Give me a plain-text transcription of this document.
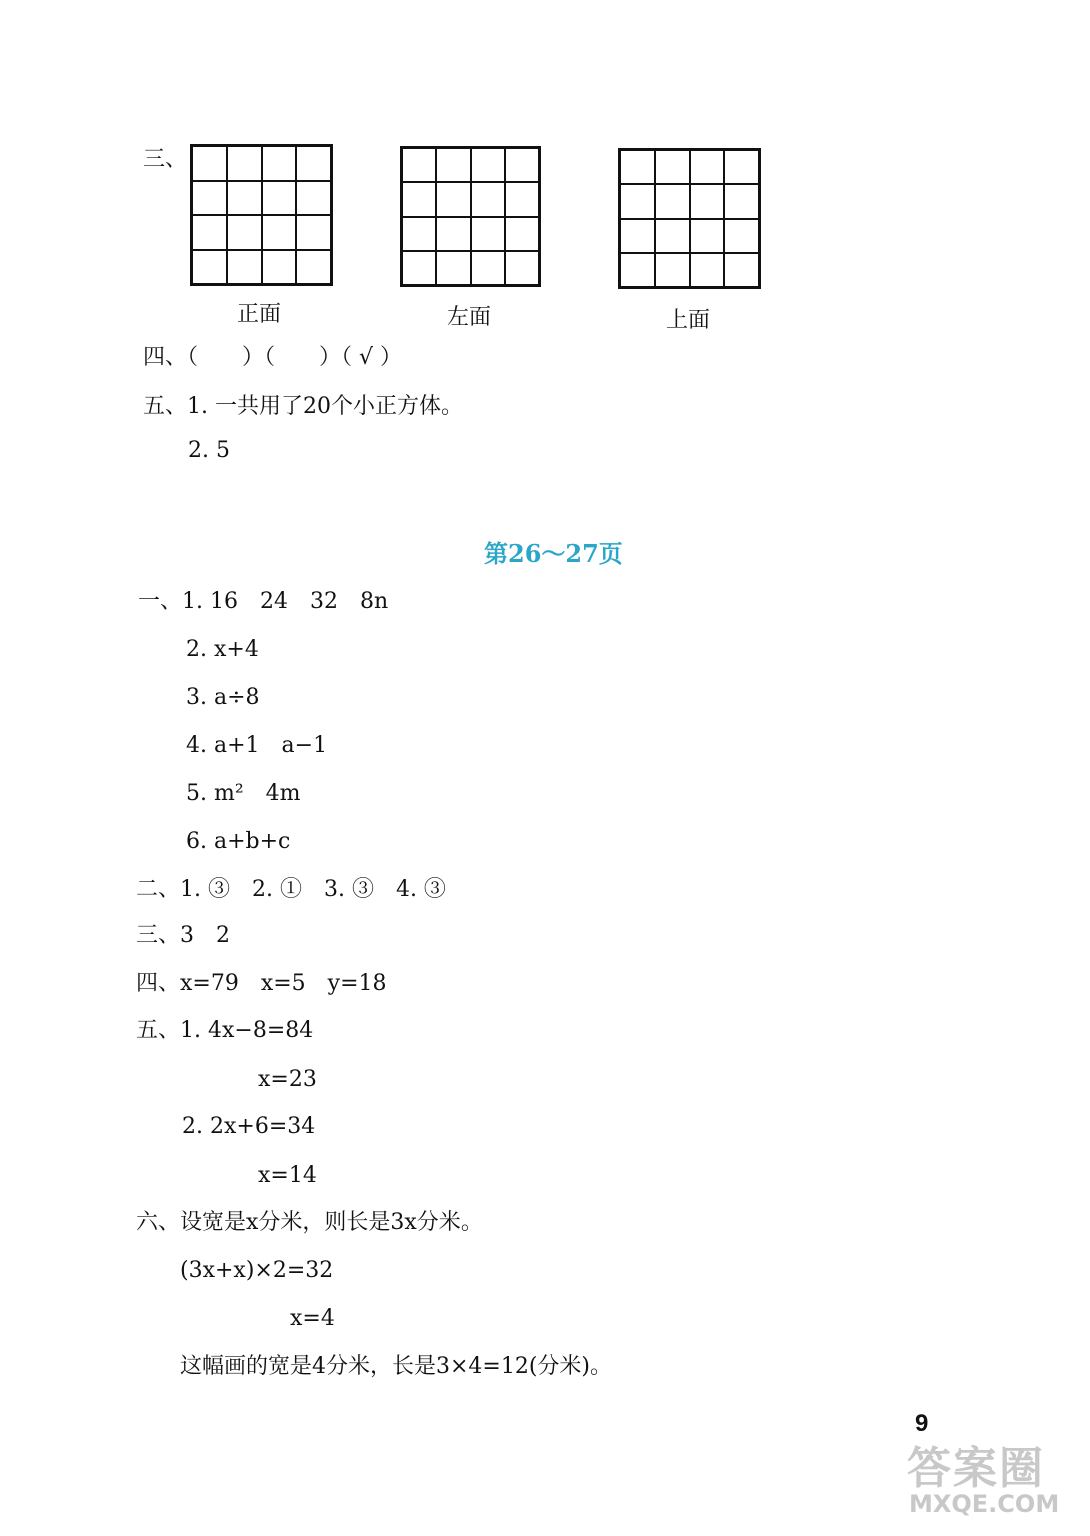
三、
正面	左面	上面
四、（　　）（　　）（ √ ）
五、1. 一共用了20个小正方体。
2. 5
第26～27页
一、1. 16　24　32　8n
2. x+4
3. a÷8
4. a+1　a−1
5. m²　4m
6. a+b+c
二、1. ③　2. ①　3. ③　4. ③
三、3　2
四、x=79　x=5　y=18
五、1. 4x−8=84
x=23
2. 2x+6=34
x=14
六、设宽是x分米，则长是3x分米。
(3x+x)×2=32
x=4
这幅画的宽是4分米，长是3×4=12(分米)。
9
答案圈
MXQE.COM
